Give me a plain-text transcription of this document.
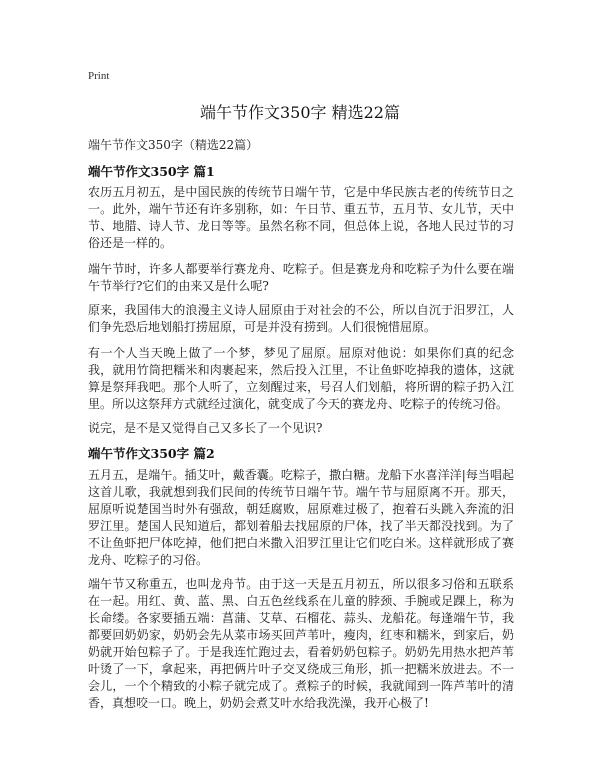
Print
端午节作文350字 精选22篇
端午节作文350字（精选22篇）
端午节作文350字 篇1

农历五月初五，是中国民族的传统节日端午节，它是中华民族古老的传统节日之一。此外，端午节还有许多别称，如：午日节、重五节，五月节、女儿节，天中节、地腊、诗人节、龙日等等。虽然名称不同，但总体上说，各地人民过节的习俗还是一样的。

端午节时，许多人都要举行赛龙舟、吃粽子。但是赛龙舟和吃粽子为什么要在端午节举行?它们的由来又是什么呢?

原来，我国伟大的浪漫主义诗人屈原由于对社会的不公，所以自沉于汨罗江，人们争先恐后地划船打捞屈原，可是并没有捞到。人们很惋惜屈原。

有一个人当天晚上做了一个梦，梦见了屈原。屈原对他说：如果你们真的纪念我，就用竹筒把糯米和肉裹起来，然后投入江里，不让鱼虾吃掉我的遗体，这就算是祭拜我吧。那个人听了，立刻醒过来，号召人们划船，将所谓的粽子扔入江里。所以这祭拜方式就经过演化，就变成了今天的赛龙舟、吃粽子的传统习俗。

说完，是不是又觉得自己又多长了一个见识?

端午节作文350字 篇2

五月五，是端午。插艾叶，戴香囊。吃粽子，撒白糖。龙船下水喜洋洋|每当唱起这首儿歌，我就想到我们民间的传统节日端午节。端午节与屈原离不开。那天，屈原听说楚国当时外有强敌，朝廷腐败，屈原难过极了，抱着石头跳入奔流的汨罗江里。楚国人民知道后，都划着船去找屈原的尸体，找了半天都没找到。为了不让鱼虾把尸体吃掉，他们把白米撒入汨罗江里让它们吃白米。这样就形成了赛龙舟、吃粽子的习俗。

端午节又称重五，也叫龙舟节。由于这一天是五月初五，所以很多习俗和五联系在一起。用红、黄、蓝、黑、白五色丝线系在儿童的脖颈、手腕或足踝上，称为长命缕。各家要插五端：菖蒲、艾草、石榴花、蒜头、龙船花。每逢端午节，我都要回奶奶家，奶奶会先从菜市场买回芦苇叶，瘦肉，红枣和糯米，到家后，奶奶就开始包粽子了。于是我连忙跑过去，看着奶奶包粽子。奶奶先用热水把芦苇叶烫了一下，拿起来，再把俩片叶子交叉绕成三角形，抓一把糯米放进去。不一会儿，一个个精致的小粽子就完成了。煮粽子的时候，我就闻到一阵芦苇叶的清香，真想咬一口。晚上，奶奶会煮艾叶水给我洗澡，我开心极了!
